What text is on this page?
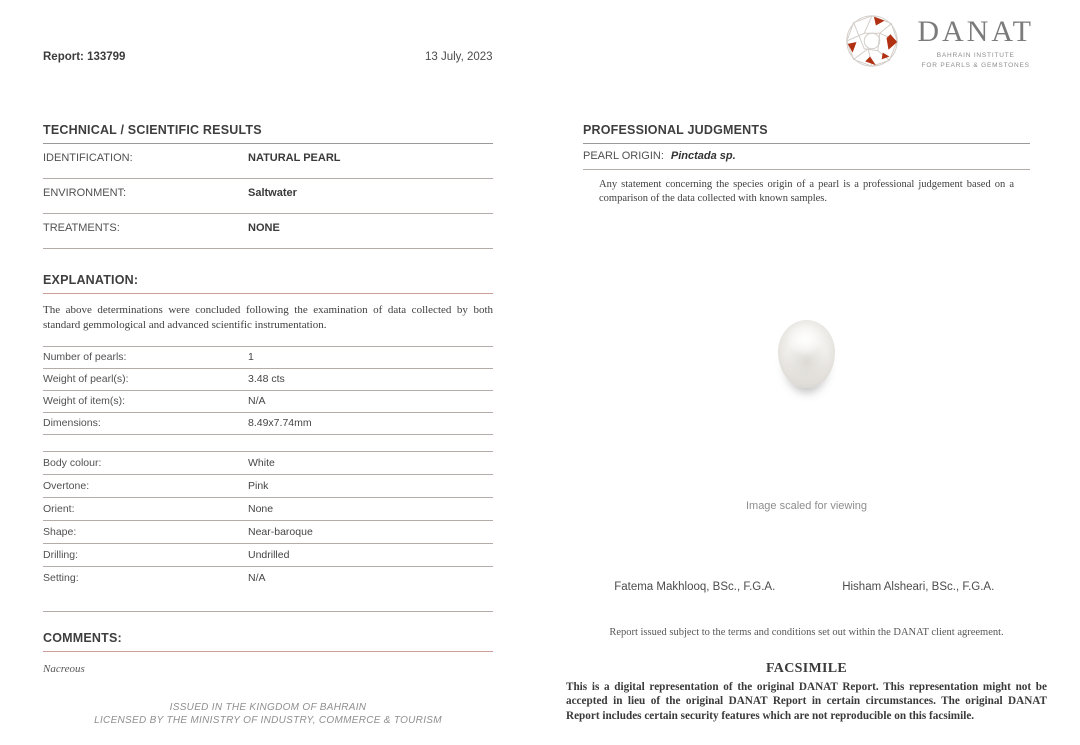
Report: 133799	13 July, 2023
DANAT
BAHRAIN INSTITUTE
FOR PEARLS & GEMSTONES
TECHNICAL / SCIENTIFIC RESULTS
IDENTIFICATION:	NATURAL PEARL
ENVIRONMENT:	Saltwater
TREATMENTS:	NONE
EXPLANATION:

The above determinations were concluded following the examination of data collected by both standard gemmological and advanced scientific instrumentation.

Number of pearls:	1
Weight of pearl(s):	3.48 cts
Weight of item(s):	N/A
Dimensions:	8.49x7.74mm
Body colour:	White
Overtone:	Pink
Orient:	None
Shape:	Near-baroque
Drilling:	Undrilled
Setting:	N/A
COMMENTS:

Nacreous

ISSUED IN THE KINGDOM OF BAHRAIN
LICENSED BY THE MINISTRY OF INDUSTRY, COMMERCE & TOURISM
PROFESSIONAL JUDGMENTS
PEARL ORIGIN: Pinctada sp.

Any statement concerning the species origin of a pearl is a professional judgement based on a comparison of the data collected with known samples.

Image scaled for viewing
Fatema Makhlooq, BSc., F.G.A.	Hisham Alsheari, BSc., F.G.A.
Report issued subject to the terms and conditions set out within the DANAT client agreement.
FACSIMILE

This is a digital representation of the original DANAT Report. This representation might not be accepted in lieu of the original DANAT Report in certain circumstances. The original DANAT Report includes certain security features which are not reproducible on this facsimile.
